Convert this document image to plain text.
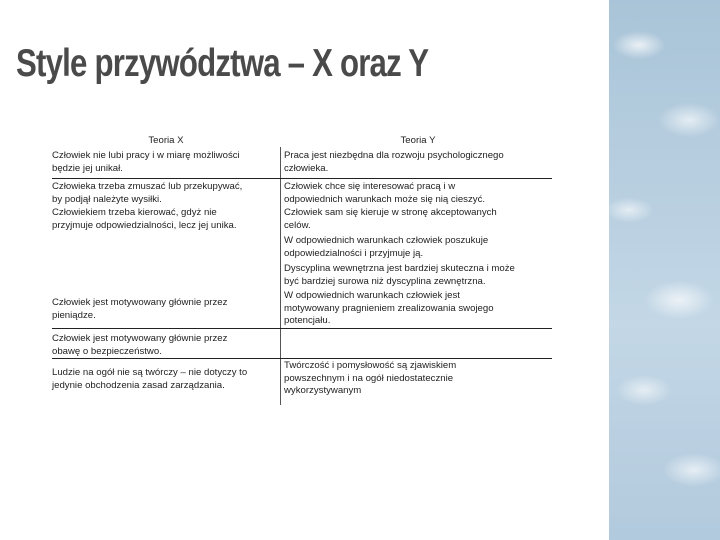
Style przywództwa – X oraz Y
Teoria X	Teoria Y
Człowiek nie lubi pracy i w miarę możliwości
będzie jej unikał.
Człowieka trzeba zmuszać lub przekupywać,
by podjął należyte wysiłki.
Człowiekiem trzeba kierować, gdyż nie
przyjmuje odpowiedzialności, lecz jej unika.
Człowiek jest motywowany głównie przez
pieniądze.
Człowiek jest motywowany głównie przez
obawę o bezpieczeństwo.
Ludzie na ogół nie są twórczy – nie dotyczy to
jedynie obchodzenia zasad zarządzania.
Praca jest niezbędna dla rozwoju psychologicznego
człowieka.
Człowiek chce się interesować pracą i w
odpowiednich warunkach może się nią cieszyć.
Człowiek sam się kieruje w stronę akceptowanych
celów.
W odpowiednich warunkach człowiek poszukuje
odpowiedzialności i przyjmuje ją.
Dyscyplina wewnętrzna jest bardziej skuteczna i może
być bardziej surowa niż dyscyplina zewnętrzna.
W odpowiednich warunkach człowiek jest
motywowany pragnieniem zrealizowania swojego
potencjału.
Twórczość i pomysłowość są zjawiskiem
powszechnym i na ogół niedostatecznie
wykorzystywanym
